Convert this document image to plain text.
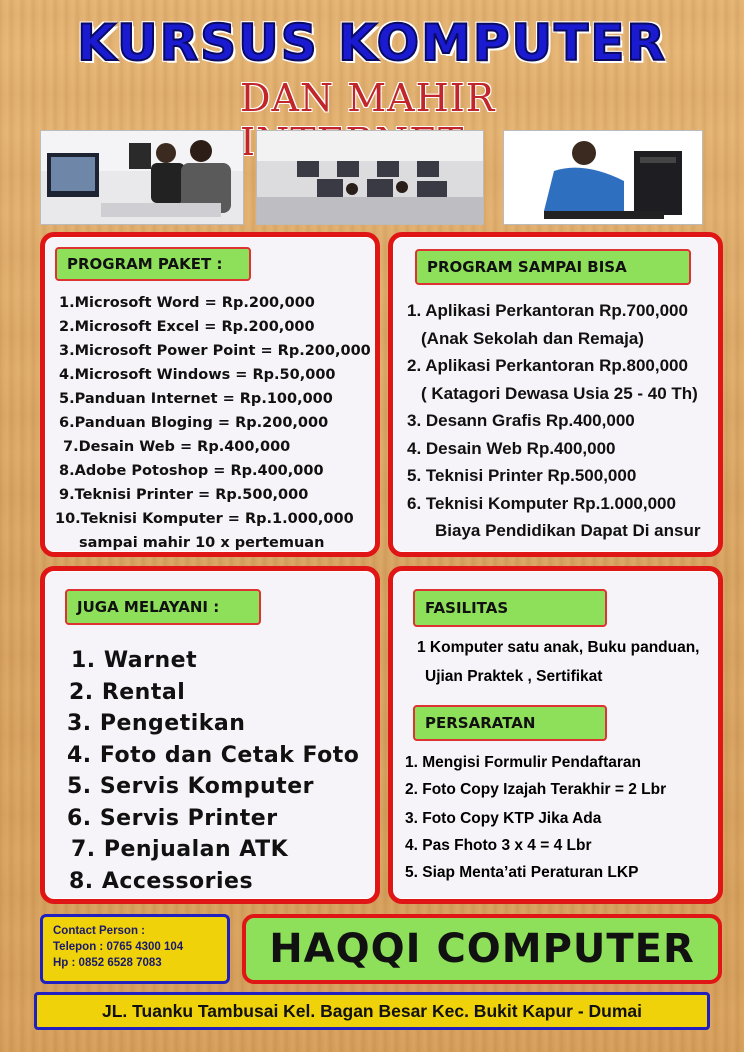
KURSUS KOMPUTER
DAN MAHIR
PROGRAM PAKET :
1.Microsoft Word = Rp.200,000
2.Microsoft Excel = Rp.200,000
3.Microsoft Power Point = Rp.200,000
4.Microsoft Windows = Rp.50,000
5.Panduan Internet = Rp.100,000
6.Panduan Bloging = Rp.200,000
7.Desain Web = Rp.400,000
8.Adobe Potoshop = Rp.400,000
9.Teknisi Printer = Rp.500,000
10.Teknisi Komputer = Rp.1.000,000
sampai mahir 10 x pertemuan
PROGRAM SAMPAI BISA
1. Aplikasi Perkantoran Rp.700,000
(Anak Sekolah dan Remaja)
2. Aplikasi Perkantoran Rp.800,000
( Katagori Dewasa Usia 25 - 40 Th)
3. Desann Grafis Rp.400,000
4. Desain Web Rp.400,000
5. Teknisi Printer Rp.500,000
6. Teknisi Komputer Rp.1.000,000
Biaya Pendidikan Dapat Di ansur
JUGA MELAYANI :
1. Warnet
2. Rental
3. Pengetikan
4. Foto dan Cetak Foto
5. Servis Komputer
6. Servis Printer
7. Penjualan ATK
8. Accessories
FASILITAS
1 Komputer satu anak, Buku panduan,
Ujian Praktek , Sertifikat
PERSARATAN
1. Mengisi Formulir Pendaftaran
2. Foto Copy Izajah Terakhir = 2 Lbr
3. Foto Copy KTP Jika Ada
4. Pas Fhoto 3 x 4 = 4 Lbr
5. Siap Menta’ati Peraturan LKP
Contact Person :
Telepon : 0765 4300 104
Hp : 0852 6528 7083	HAQQI COMPUTER
JL. Tuanku Tambusai Kel. Bagan Besar Kec. Bukit Kapur - Dumai
